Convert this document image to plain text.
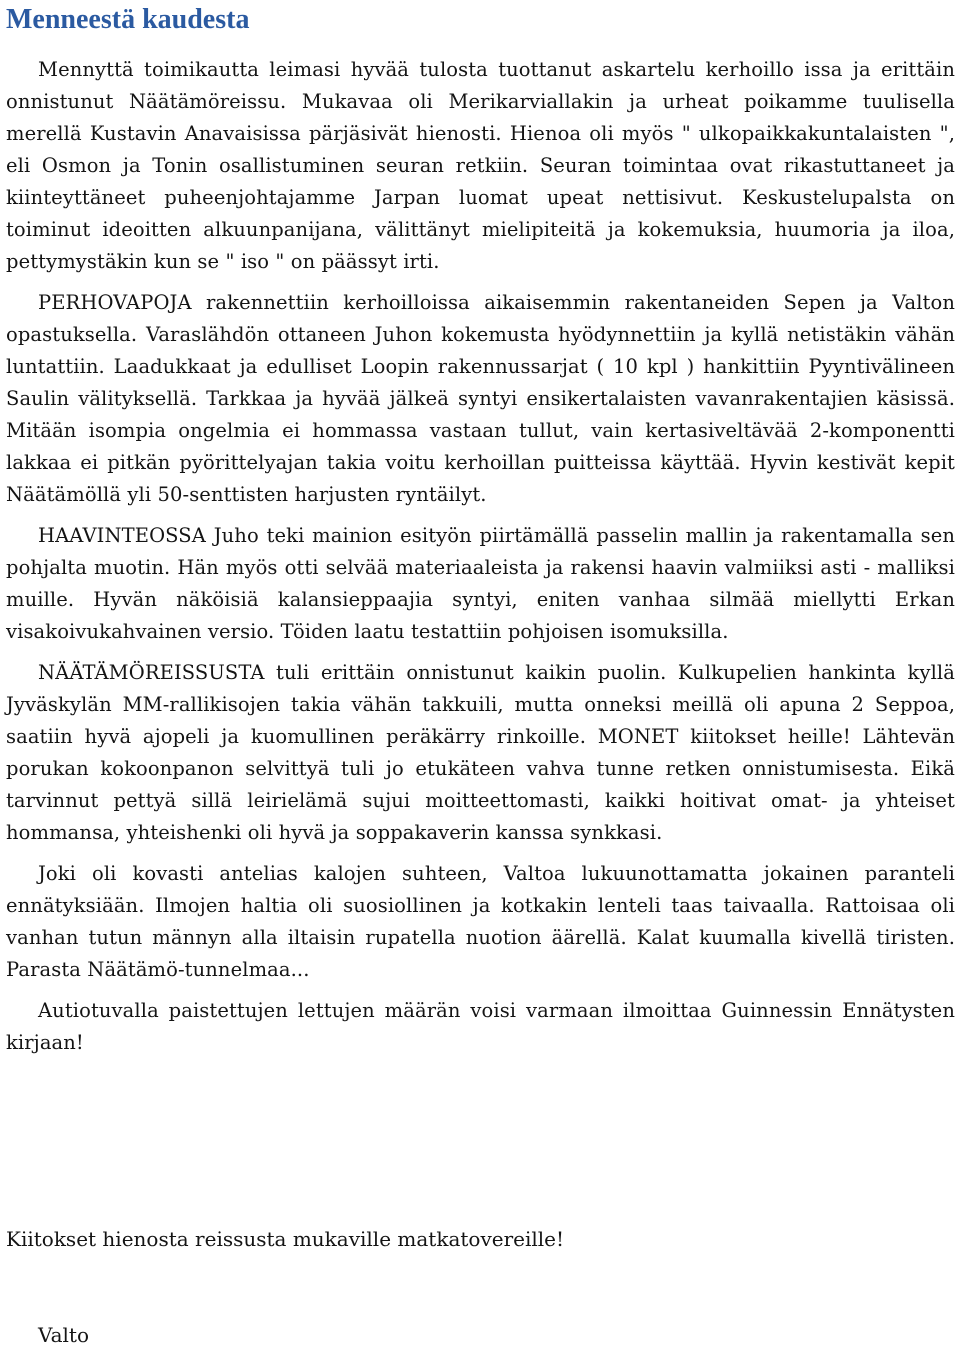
Menneestä kaudesta

Mennyttä toimikautta leimasi hyvää tulosta tuottanut askartelu kerhoillo issa ja erittäin onnistunut Näätämöreissu. Mukavaa oli Merikarviallakin ja urheat poikamme tuulisella merellä Kustavin Anavaisissa pärjäsivät hienosti. Hienoa oli myös " ulkopaikkakuntalaisten ", eli Osmon ja Tonin osallistuminen seuran retkiin. Seuran toimintaa ovat rikastuttaneet ja kiinteyttäneet puheenjohtajamme Jarpan luomat upeat nettisivut. Keskustelupalsta on toiminut ideoitten alkuunpanijana, välittänyt mielipiteitä ja kokemuksia, huumoria ja iloa, pettymystäkin kun se " iso " on päässyt irti.

PERHOVAPOJA rakennettiin kerhoilloissa aikaisemmin rakentaneiden Sepen ja Valton opastuksella. Varaslähdön ottaneen Juhon kokemusta hyödynnettiin ja kyllä netistäkin vähän luntattiin. Laadukkaat ja edulliset Loopin rakennussarjat ( 10 kpl ) hankittiin Pyyntivälineen Saulin välityksellä. Tarkkaa ja hyvää jälkeä syntyi ensikertalaisten vavanrakentajien käsissä. Mitään isompia ongelmia ei hommassa vastaan tullut, vain kertasiveltävää 2-komponentti lakkaa ei pitkän pyörittelyajan takia voitu kerhoillan puitteissa käyttää. Hyvin kestivät kepit Näätämöllä yli 50-senttisten harjusten ryntäilyt.

HAAVINTEOSSA Juho teki mainion esityön piirtämällä passelin mallin ja rakentamalla sen pohjalta muotin. Hän myös otti selvää materiaaleista ja rakensi haavin valmiiksi asti - malliksi muille. Hyvän näköisiä kalansieppaajia syntyi, eniten vanhaa silmää miellytti Erkan visakoivukahvainen versio. Töiden laatu testattiin pohjoisen isomuksilla.

NÄÄTÄMÖREISSUSTA tuli erittäin onnistunut kaikin puolin. Kulkupelien hankinta kyllä Jyväskylän MM-rallikisojen takia vähän takkuili, mutta onneksi meillä oli apuna 2 Seppoa, saatiin hyvä ajopeli ja kuomullinen peräkärry rinkoille. MONET kiitokset heille! Lähtevän porukan kokoonpanon selvittyä tuli jo etukäteen vahva tunne retken onnistumisesta. Eikä tarvinnut pettyä sillä leirielämä sujui moitteettomasti, kaikki hoitivat omat- ja yhteiset hommansa, yhteishenki oli hyvä ja soppakaverin kanssa synkkasi.

Joki oli kovasti antelias kalojen suhteen, Valtoa lukuunottamatta jokainen paranteli ennätyksiään. Ilmojen haltia oli suosiollinen ja kotkakin lenteli taas taivaalla. Rattoisaa oli vanhan tutun männyn alla iltaisin rupatella nuotion äärellä. Kalat kuumalla kivellä tiristen. Parasta Näätämö-tunnelmaa...

Autiotuvalla paistettujen lettujen määrän voisi varmaan ilmoittaa Guinnessin Ennätysten kirjaan!

Kiitokset hienosta reissusta mukaville matkatovereille!

Valto
